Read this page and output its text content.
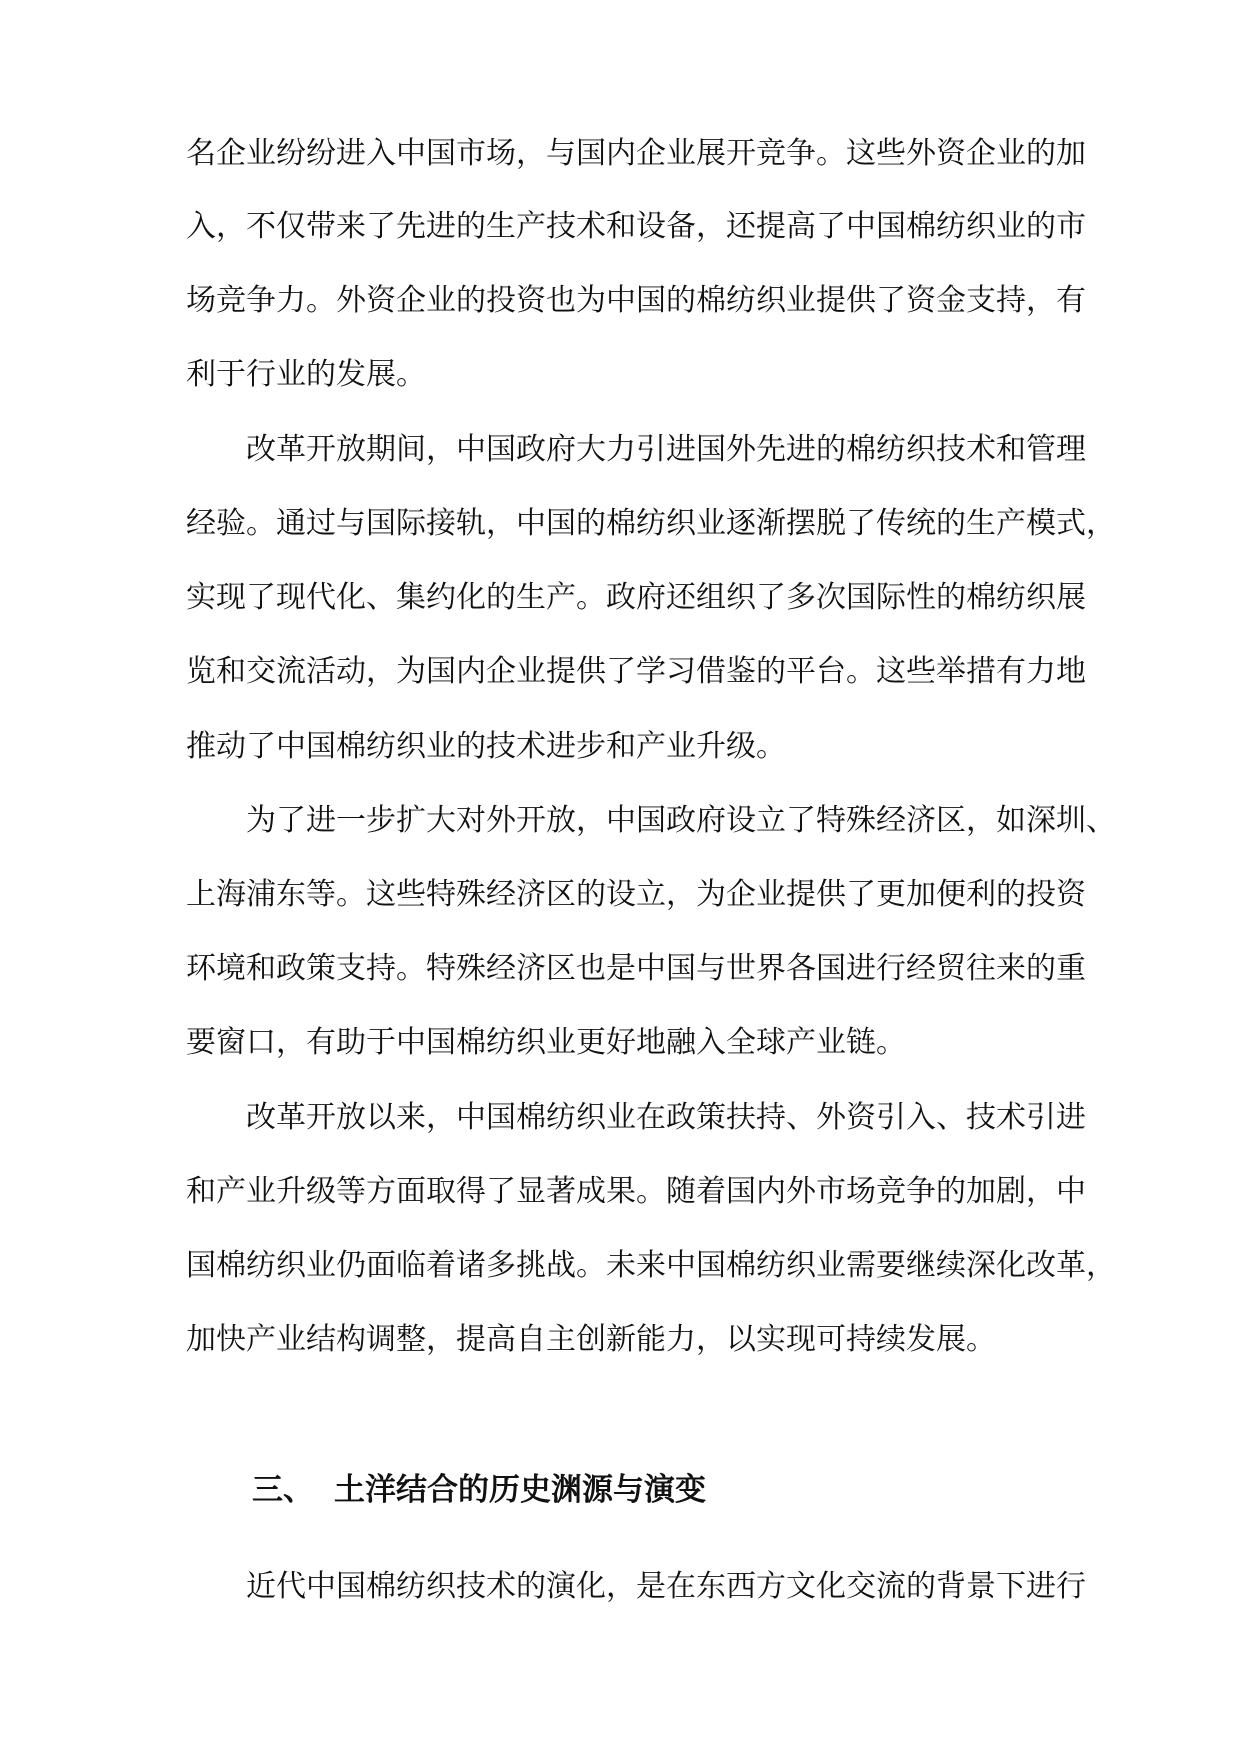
名企业纷纷进入中国市场，与国内企业展开竞争。这些外资企业的加
入，不仅带来了先进的生产技术和设备，还提高了中国棉纺织业的市
场竞争力。外资企业的投资也为中国的棉纺织业提供了资金支持，有
利于行业的发展。
改革开放期间，中国政府大力引进国外先进的棉纺织技术和管理
经验。通过与国际接轨，中国的棉纺织业逐渐摆脱了传统的生产模式，
实现了现代化、集约化的生产。政府还组织了多次国际性的棉纺织展
览和交流活动，为国内企业提供了学习借鉴的平台。这些举措有力地
推动了中国棉纺织业的技术进步和产业升级。
为了进一步扩大对外开放，中国政府设立了特殊经济区，如深圳、
上海浦东等。这些特殊经济区的设立，为企业提供了更加便利的投资
环境和政策支持。特殊经济区也是中国与世界各国进行经贸往来的重
要窗口，有助于中国棉纺织业更好地融入全球产业链。
改革开放以来，中国棉纺织业在政策扶持、外资引入、技术引进
和产业升级等方面取得了显著成果。随着国内外市场竞争的加剧，中
国棉纺织业仍面临着诸多挑战。未来中国棉纺织业需要继续深化改革，
加快产业结构调整，提高自主创新能力，以实现可持续发展。
三、 土洋结合的历史渊源与演变
近代中国棉纺织技术的演化，是在东西方文化交流的背景下进行
